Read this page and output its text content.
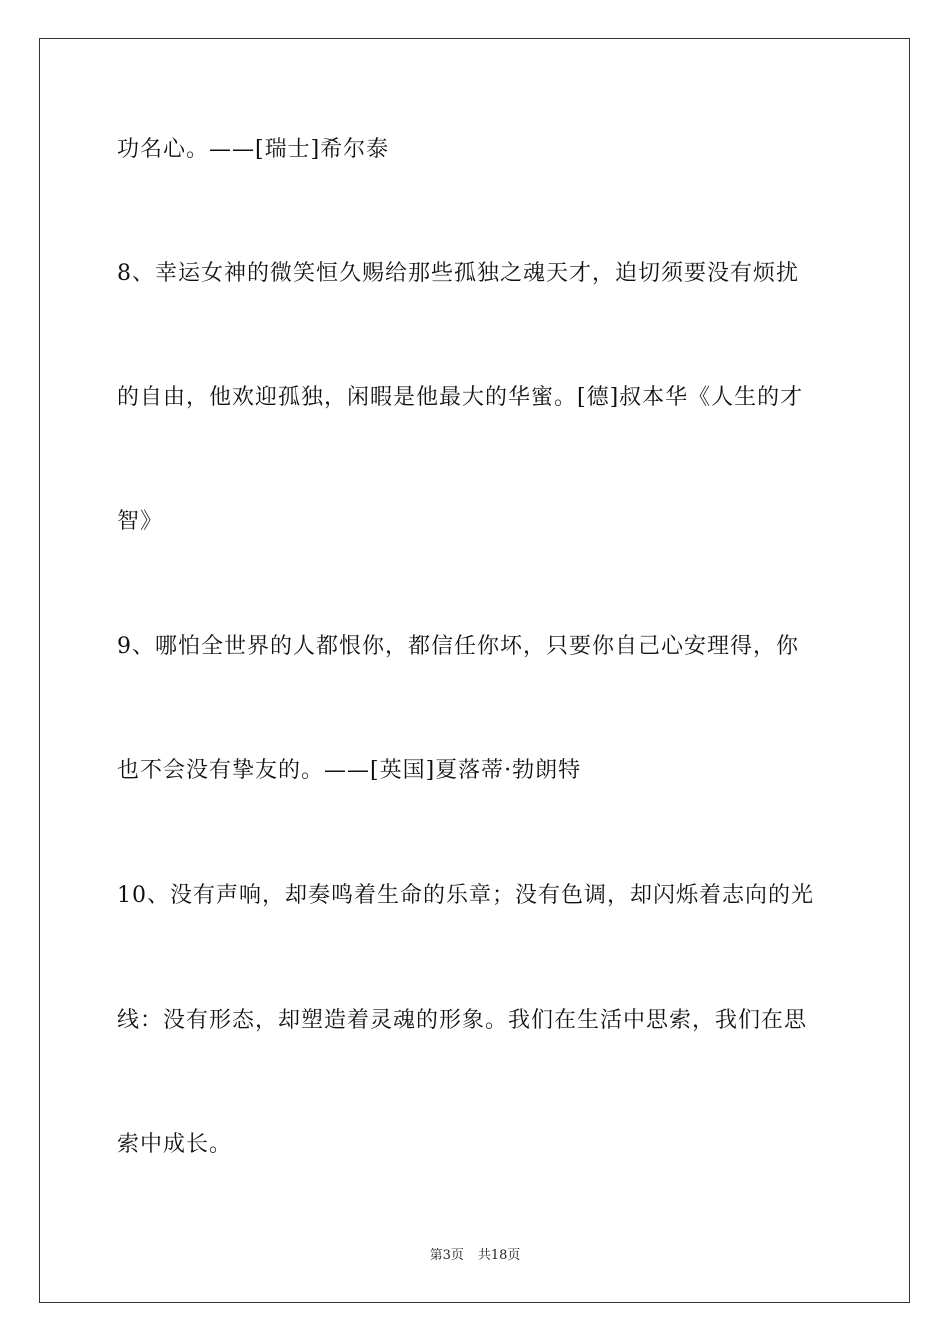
功名心。——[瑞士]希尔泰
8、幸运女神的微笑恒久赐给那些孤独之魂天才，迫切须要没有烦扰
的自由，他欢迎孤独，闲暇是他最大的华蜜。[德]叔本华《人生的才
智》
9、哪怕全世界的人都恨你，都信任你坏，只要你自己心安理得，你
也不会没有挚友的。——[英国]夏落蒂·勃朗特
10、没有声响，却奏鸣着生命的乐章；没有色调，却闪烁着志向的光
线：没有形态，却塑造着灵魂的形象。我们在生活中思索，我们在思
索中成长。
第3页 共18页
